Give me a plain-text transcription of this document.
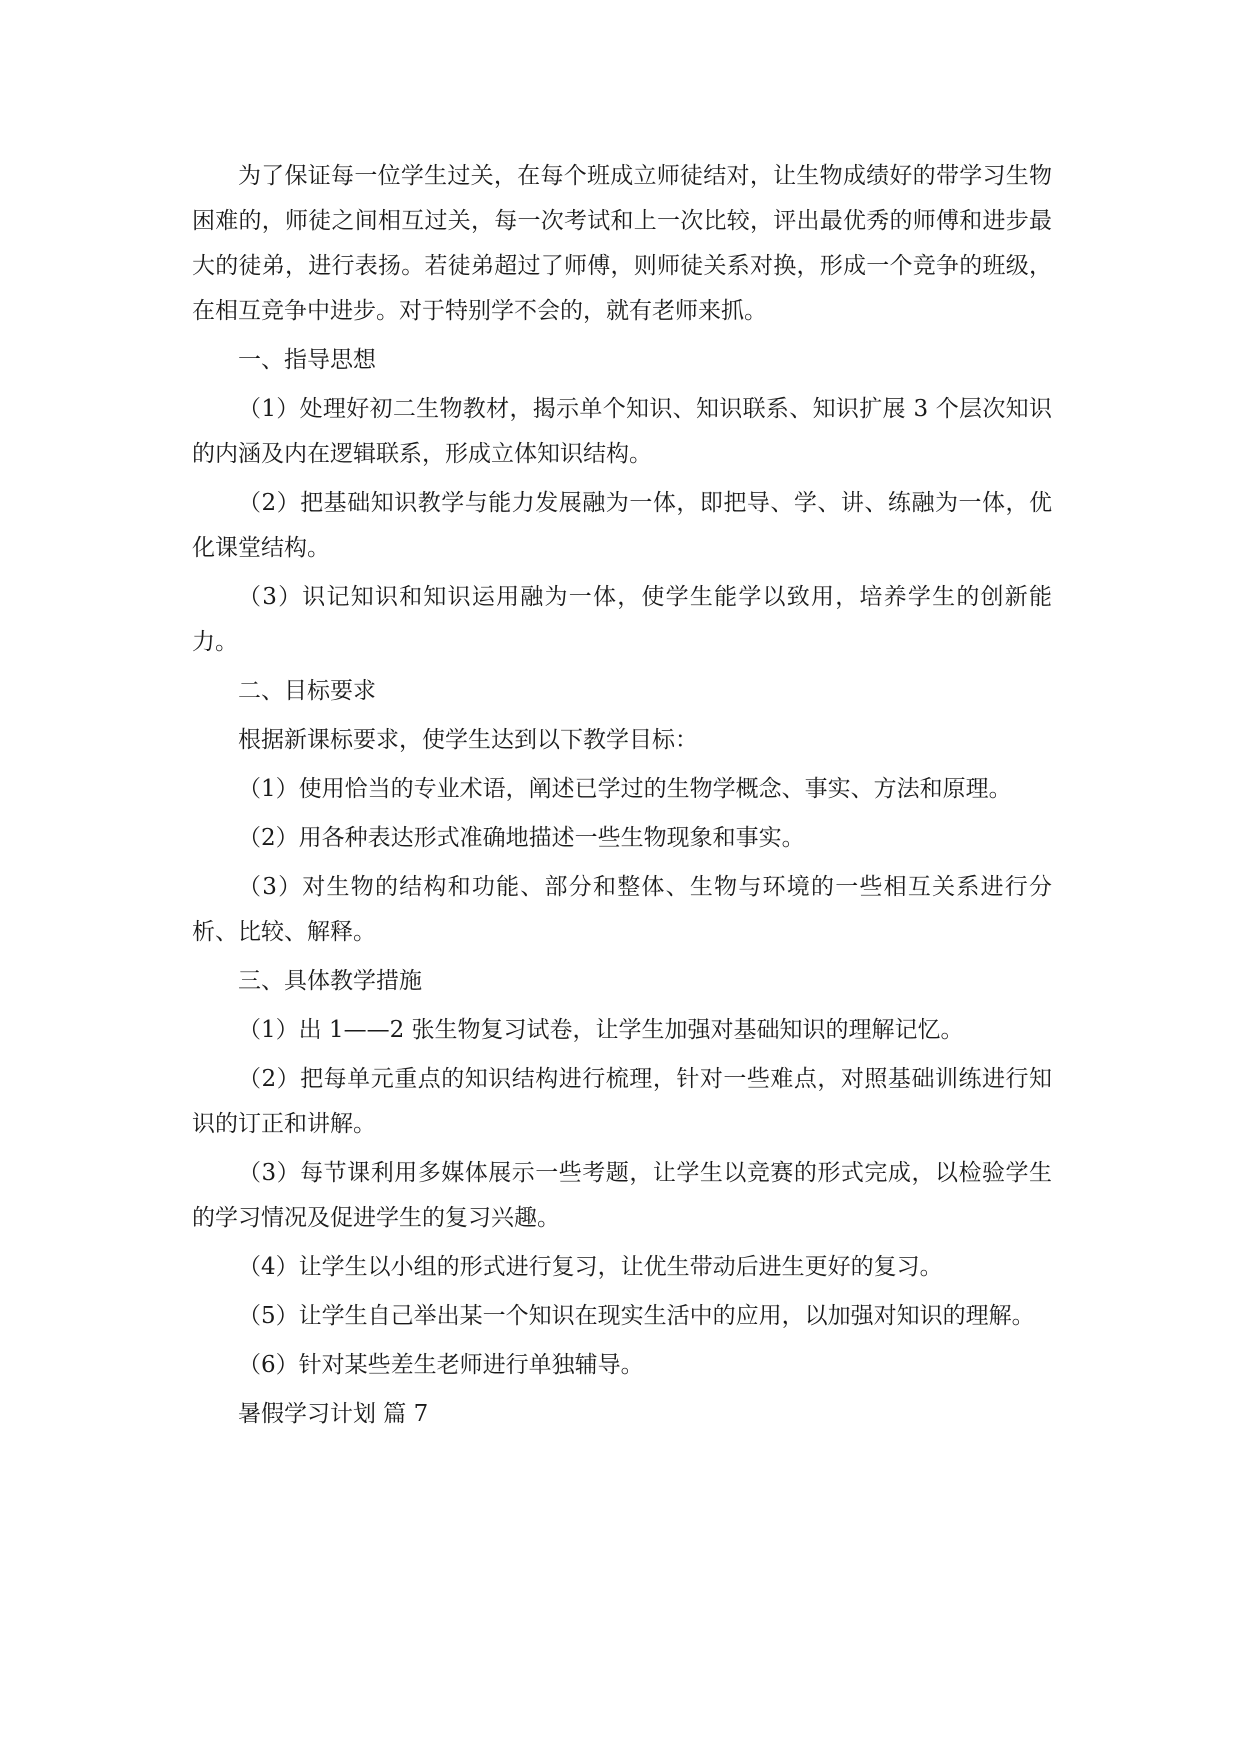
为了保证每一位学生过关，在每个班成立师徒结对，让生物成绩好的带学习生物困难的，师徒之间相互过关，每一次考试和上一次比较，评出最优秀的师傅和进步最大的徒弟，进行表扬。若徒弟超过了师傅，则师徒关系对换，形成一个竞争的班级，在相互竞争中进步。对于特别学不会的，就有老师来抓。

一、指导思想

（1）处理好初二生物教材，揭示单个知识、知识联系、知识扩展 3 个层次知识的内涵及内在逻辑联系，形成立体知识结构。

（2）把基础知识教学与能力发展融为一体，即把导、学、讲、练融为一体，优化课堂结构。

（3）识记知识和知识运用融为一体，使学生能学以致用，培养学生的创新能力。

二、目标要求

根据新课标要求，使学生达到以下教学目标：

（1）使用恰当的专业术语，阐述已学过的生物学概念、事实、方法和原理。

（2）用各种表达形式准确地描述一些生物现象和事实。

（3）对生物的结构和功能、部分和整体、生物与环境的一些相互关系进行分析、比较、解释。

三、具体教学措施

（1）出 1——2 张生物复习试卷，让学生加强对基础知识的理解记忆。

（2）把每单元重点的知识结构进行梳理，针对一些难点，对照基础训练进行知识的订正和讲解。

（3）每节课利用多媒体展示一些考题，让学生以竞赛的形式完成，以检验学生的学习情况及促进学生的复习兴趣。

（4）让学生以小组的形式进行复习，让优生带动后进生更好的复习。

（5）让学生自己举出某一个知识在现实生活中的应用，以加强对知识的理解。

（6）针对某些差生老师进行单独辅导。

暑假学习计划 篇 7
